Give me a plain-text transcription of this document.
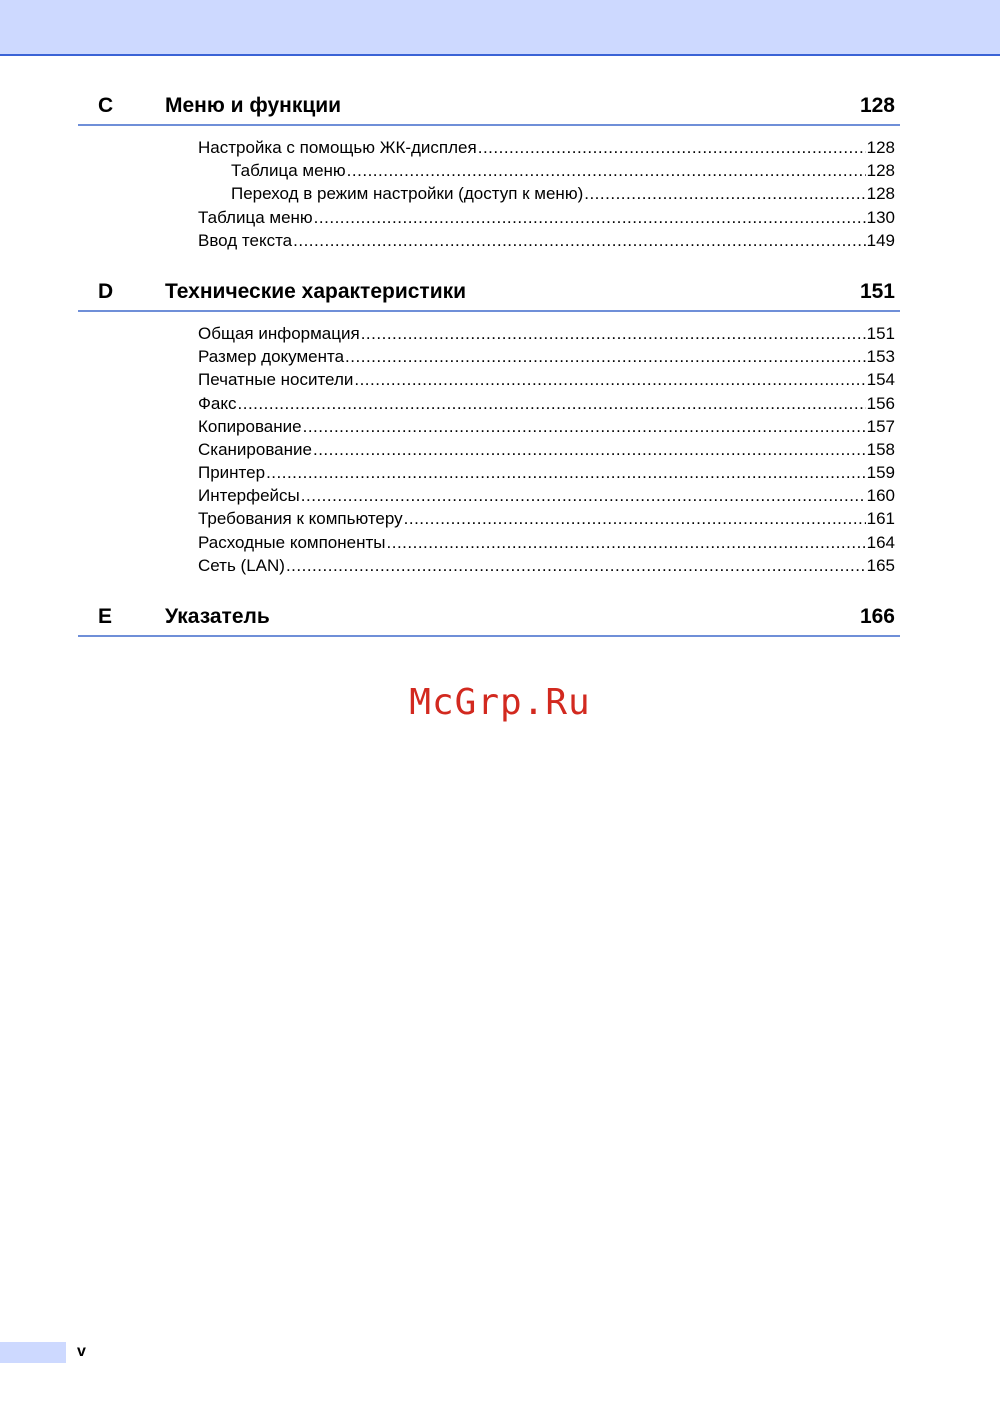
C Меню и функции	128
Настройка с помощью ЖК-дисплея .....	128
Таблица меню .....	128
Переход в режим настройки (доступ к меню) .....	128
Таблица меню .....	130
Ввод текста .....	149
D Технические характеристики	151
Общая информация .....	151
Размер документа .....	153
Печатные носители .....	154
Факс .....	156
Копирование .....	157
Сканирование .....	158
Принтер .....	159
Интерфейсы .....	160
Требования к компьютеру .....	161
Расходные компоненты .....	164
Сеть (LAN) .....	165
E	Указатель	166
McGrp.Ru
v
